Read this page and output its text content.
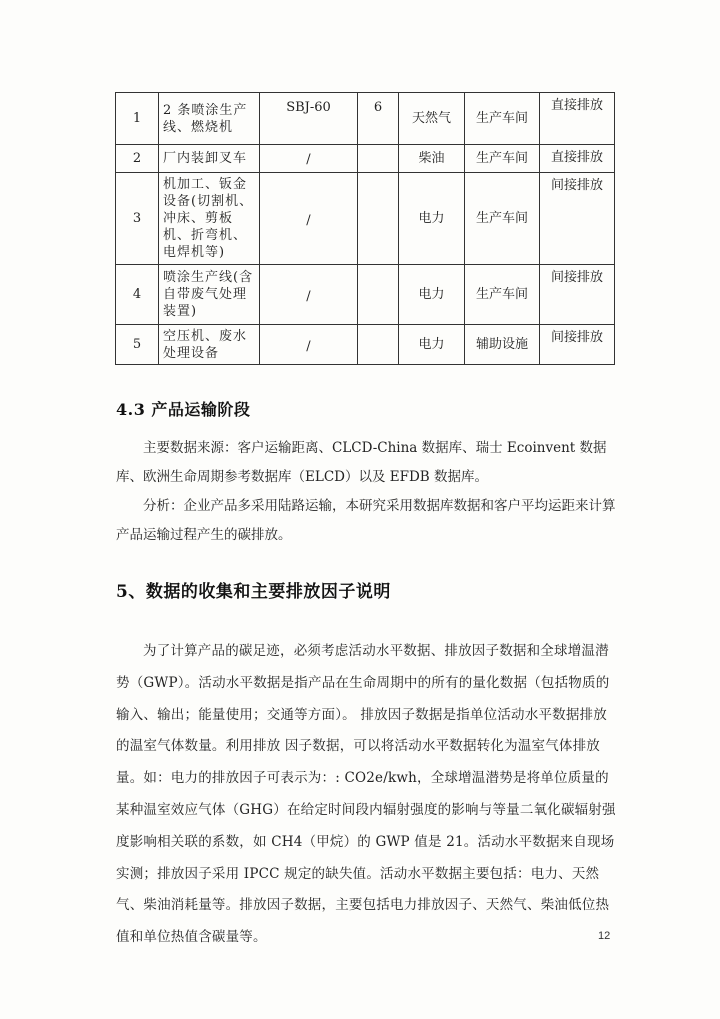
1	2 条喷涂生产线、燃烧机	SBJ-60	6	天然气	生产车间	直接排放
2	厂内装卸叉车	/		柴油	生产车间	直接排放
3	机加工、钣金设备(切割机、冲床、剪板机、折弯机、电焊机等)	/		电力	生产车间	间接排放
4	喷涂生产线(含自带废气处理装置)	/		电力	生产车间	间接排放
5	空压机、废水处理设备	/		电力	辅助设施	间接排放
4.3 产品运输阶段
主要数据来源：客户运输距离、CLCD-China 数据库、瑞士 Ecoinvent 数据库、欧洲生命周期参考数据库（ELCD）以及 EFDB 数据库。
分析：企业产品多采用陆路运输，本研究采用数据库数据和客户平均运距来计算产品运输过程产生的碳排放。
5、数据的收集和主要排放因子说明
为了计算产品的碳足迹，必须考虑活动水平数据、排放因子数据和全球增温潜势（GWP）。活动水平数据是指产品在生命周期中的所有的量化数据（包括物质的输入、输出；能量使用；交通等方面）。 排放因子数据是指单位活动水平数据排放的温室气体数量。利用排放 因子数据，可以将活动水平数据转化为温室气体排放量。如：电力的排放因子可表示为：: CO2e/kwh，全球增温潜势是将单位质量的某种温室效应气体（GHG）在给定时间段内辐射强度的影响与等量二氧化碳辐射强度影响相关联的系数，如 CH4（甲烷）的 GWP 值是 21。活动水平数据来自现场实测；排放因子采用 IPCC 规定的缺失值。活动水平数据主要包括：电力、天然气、柴油消耗量等。排放因子数据，主要包括电力排放因子、天然气、柴油低位热值和单位热值含碳量等。	12
